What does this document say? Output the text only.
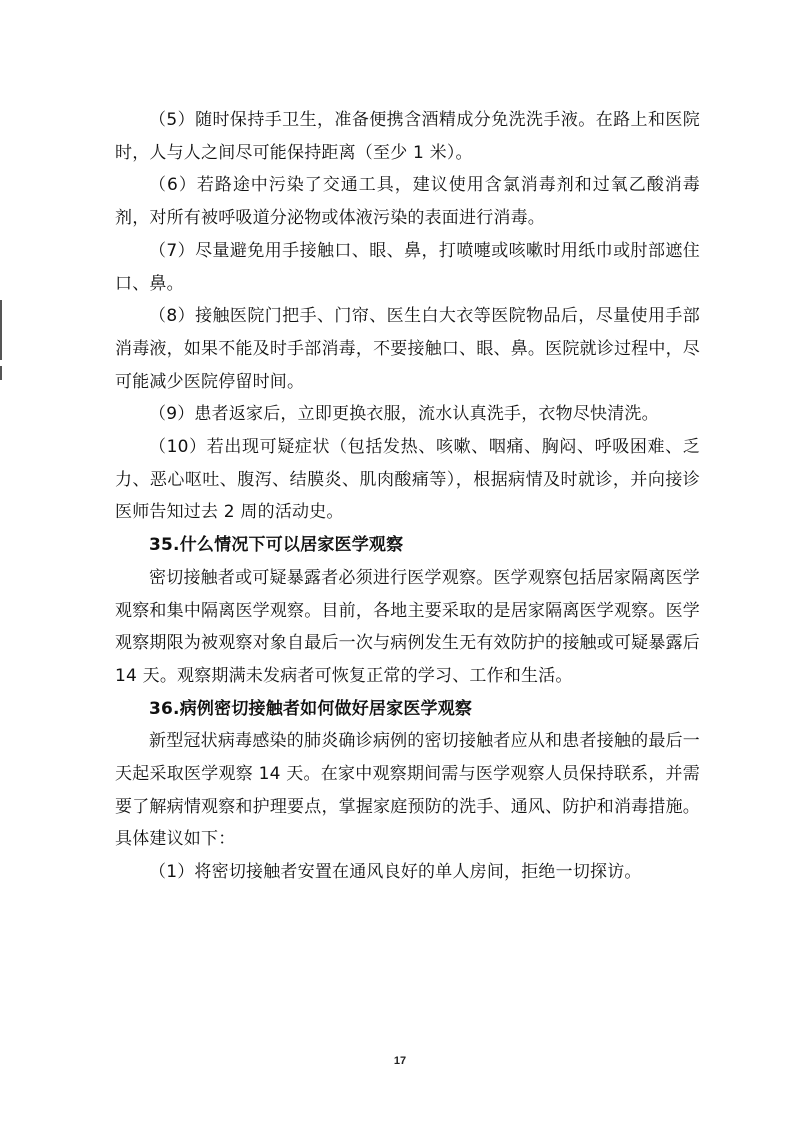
（5）随时保持手卫生，准备便携含酒精成分免洗洗手液。在路上和医院时，人与人之间尽可能保持距离（至少 1 米）。

（6）若路途中污染了交通工具，建议使用含氯消毒剂和过氧乙酸消毒剂，对所有被呼吸道分泌物或体液污染的表面进行消毒。

（7）尽量避免用手接触口、眼、鼻，打喷嚏或咳嗽时用纸巾或肘部遮住口、鼻。

（8）接触医院门把手、门帘、医生白大衣等医院物品后，尽量使用手部消毒液，如果不能及时手部消毒，不要接触口、眼、鼻。医院就诊过程中，尽可能减少医院停留时间。

（9）患者返家后，立即更换衣服，流水认真洗手，衣物尽快清洗。

（10）若出现可疑症状（包括发热、咳嗽、咽痛、胸闷、呼吸困难、乏力、恶心呕吐、腹泻、结膜炎、肌肉酸痛等），根据病情及时就诊，并向接诊医师告知过去 2 周的活动史。

35.什么情况下可以居家医学观察

密切接触者或可疑暴露者必须进行医学观察。医学观察包括居家隔离医学观察和集中隔离医学观察。目前，各地主要采取的是居家隔离医学观察。医学观察期限为被观察对象自最后一次与病例发生无有效防护的接触或可疑暴露后 14 天。观察期满未发病者可恢复正常的学习、工作和生活。

36.病例密切接触者如何做好居家医学观察

新型冠状病毒感染的肺炎确诊病例的密切接触者应从和患者接触的最后一天起采取医学观察 14 天。在家中观察期间需与医学观察人员保持联系，并需要了解病情观察和护理要点，掌握家庭预防的洗手、通风、防护和消毒措施。具体建议如下：

（1）将密切接触者安置在通风良好的单人房间，拒绝一切探访。

17
